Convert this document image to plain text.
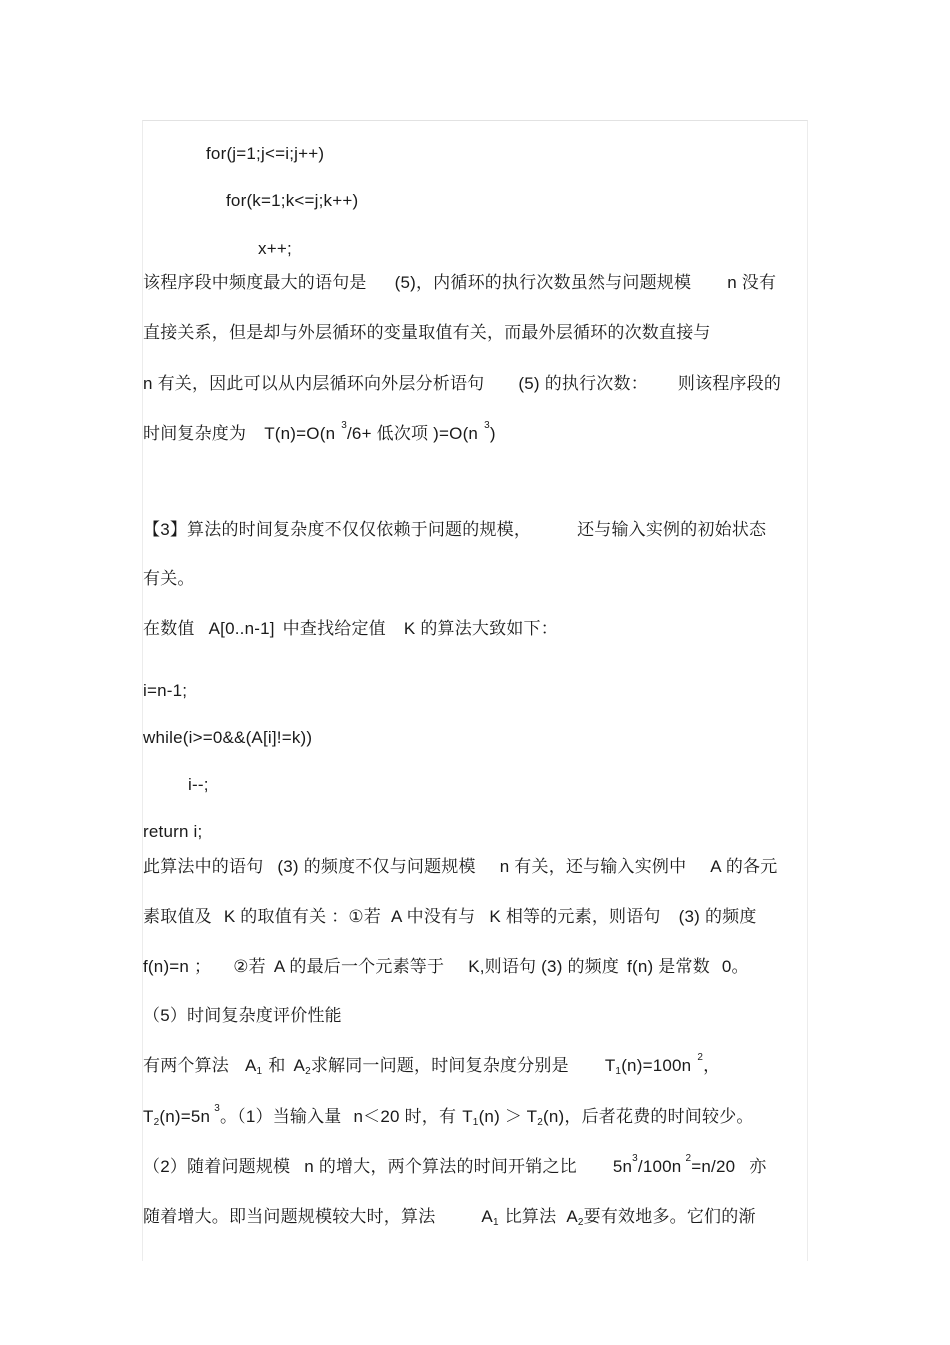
for(j=1;j<=i;j++)
for(k=1;k<=j;k++)
x++;
该程序段中频度最大的语句是 (5)，内循环的执行次数虽然与问题规模 n 没有
直接关系，但是却与外层循环的变量取值有关，而最外层循环的次数直接与
n 有关，因此可以从内层循环向外层分析语句 (5) 的执行次数： 则该程序段的
时间复杂度为 T(n)=O(n $^3$/6+ 低次项 )=O(n $^3$)
【3】算法的时间复杂度不仅仅依赖于问题的规模，	还与输入实例的初始状态
有关。
在数值 A[0..n-1] 中查找给定值 K 的算法大致如下：
i=n-1;
while(i>=0&&(A[i]!=k))
i--;
return i;
此算法中的语句 (3) 的频度不仅与问题规模 n 有关，还与输入实例中 A 的各元
素取值及 K 的取值有关 ：①若 A 中没有与 K 相等的元素，则语句 (3) 的频度
f(n)=n ； ②若 A 的最后一个元素等于 K,则语句 (3) 的频度 f(n) 是常数 0。
（5）时间复杂度评价性能
有两个算法 $A_1$ 和 $A_2$求解同一问题，时间复杂度分别是 $T_1(n)=100n$ $^2$，
$T_2(n)=5n$ $^3$。（1）当输入量 n＜20 时，有 $T_1(n) > T_2(n)$，后者花费的时间较少。
（2）随着问题规模 n 的增大，两个算法的时间开销之比 $5n^3/100n$ $^2$=n/20 亦
随着增大。即当问题规模较大时，算法	$A_1$ 比算法 $A_2$要有效地多。它们的渐
